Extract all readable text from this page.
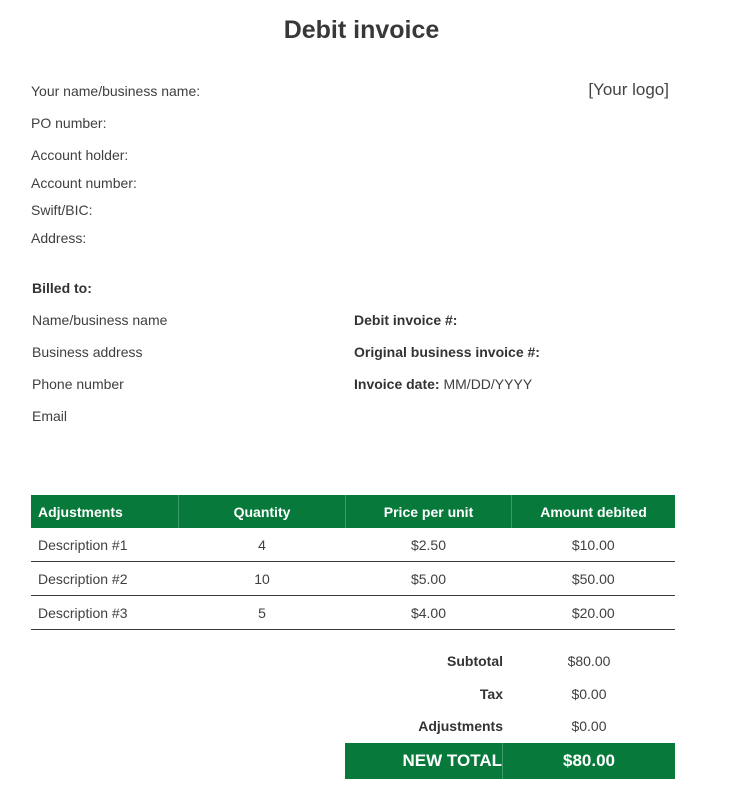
Debit invoice
[Your logo]
Your name/business name:
PO number:
Account holder:
Account number:
Swift/BIC:
Address:
Billed to:
Name/business name
Business address
Phone number
Email
Debit invoice #:
Original business invoice #:
Invoice date: MM/DD/YYYY
Adjustments	Quantity	Price per unit	Amount debited
Description #1	4	$2.50	$10.00
Description #2	10	$5.00	$50.00
Description #3	5	$4.00	$20.00
Subtotal	$80.00
Tax	$0.00
Adjustments	$0.00
NEW TOTAL	$80.00
